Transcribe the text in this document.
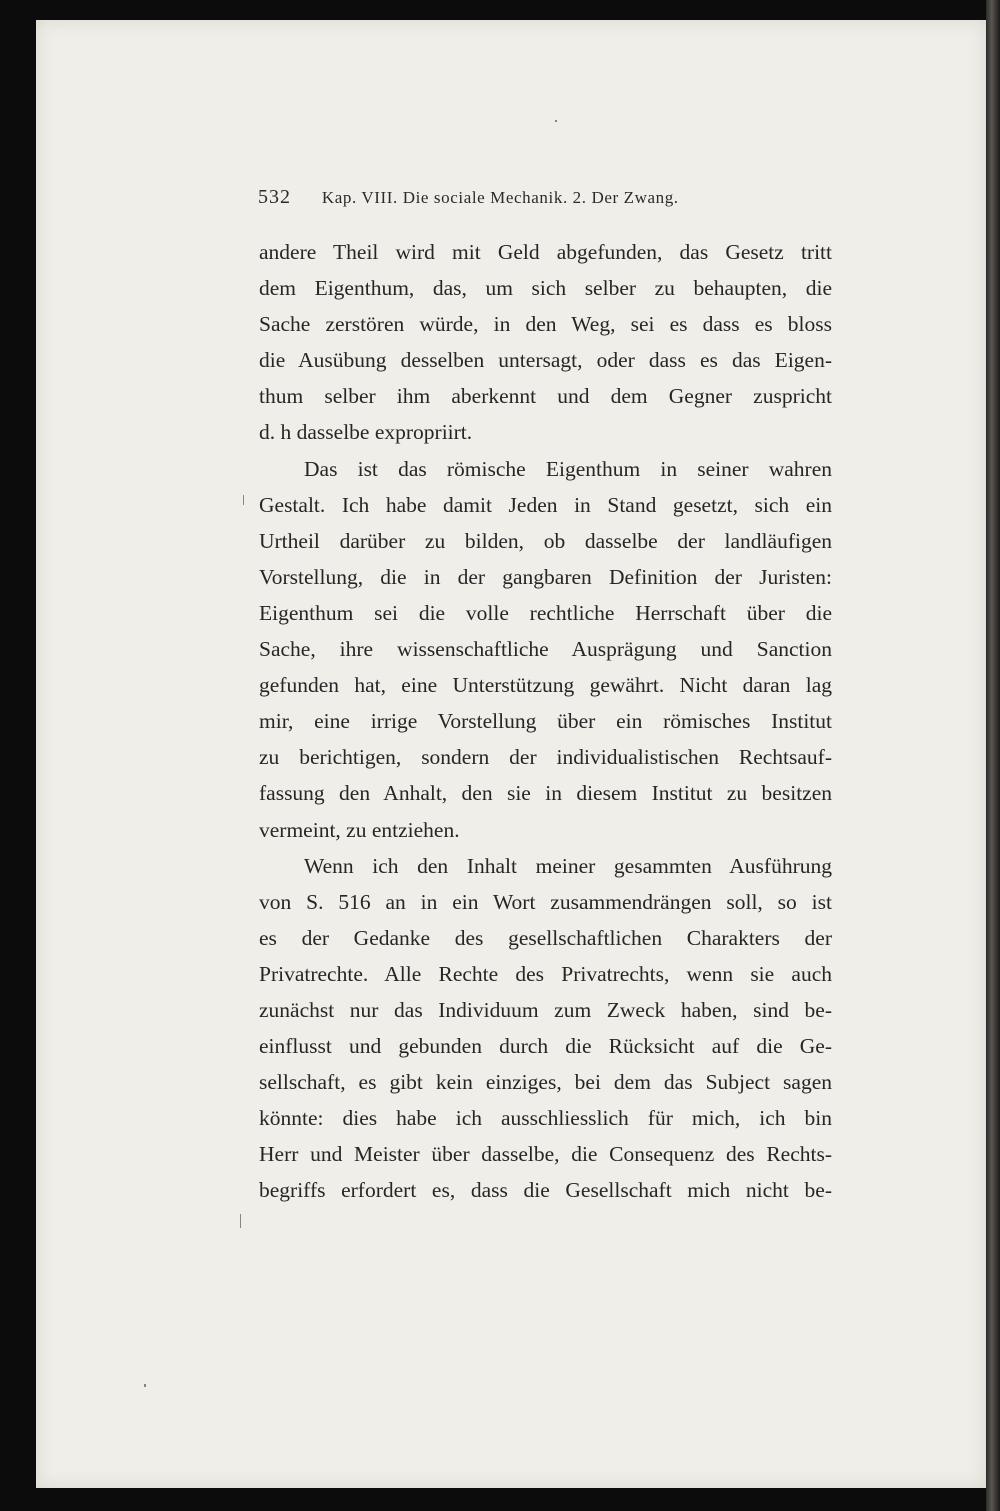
532 Kap. VIII. Die sociale Mechanik. 2. Der Zwang.
andere Theil wird mit Geld abgefunden, das Gesetz tritt
dem Eigenthum, das, um sich selber zu behaupten, die
Sache zerstören würde, in den Weg, sei es dass es bloss
die Ausübung desselben untersagt, oder dass es das Eigen-
thum selber ihm aberkennt und dem Gegner zuspricht
d. h dasselbe expropriirt.
Das ist das römische Eigenthum in seiner wahren
Gestalt. Ich habe damit Jeden in Stand gesetzt, sich ein
Urtheil darüber zu bilden, ob dasselbe der landläufigen
Vorstellung, die in der gangbaren Definition der Juristen:
Eigenthum sei die volle rechtliche Herrschaft über die
Sache, ihre wissenschaftliche Ausprägung und Sanction
gefunden hat, eine Unterstützung gewährt. Nicht daran lag
mir, eine irrige Vorstellung über ein römisches Institut
zu berichtigen, sondern der individualistischen Rechtsauf-
fassung den Anhalt, den sie in diesem Institut zu besitzen
vermeint, zu entziehen.
Wenn ich den Inhalt meiner gesammten Ausführung
von S. 516 an in ein Wort zusammendrängen soll, so ist
es der Gedanke des gesellschaftlichen Charakters der
Privatrechte. Alle Rechte des Privatrechts, wenn sie auch
zunächst nur das Individuum zum Zweck haben, sind be-
einflusst und gebunden durch die Rücksicht auf die Ge-
sellschaft, es gibt kein einziges, bei dem das Subject sagen
könnte: dies habe ich ausschliesslich für mich, ich bin
Herr und Meister über dasselbe, die Consequenz des Rechts-
begriffs erfordert es, dass die Gesellschaft mich nicht be-
